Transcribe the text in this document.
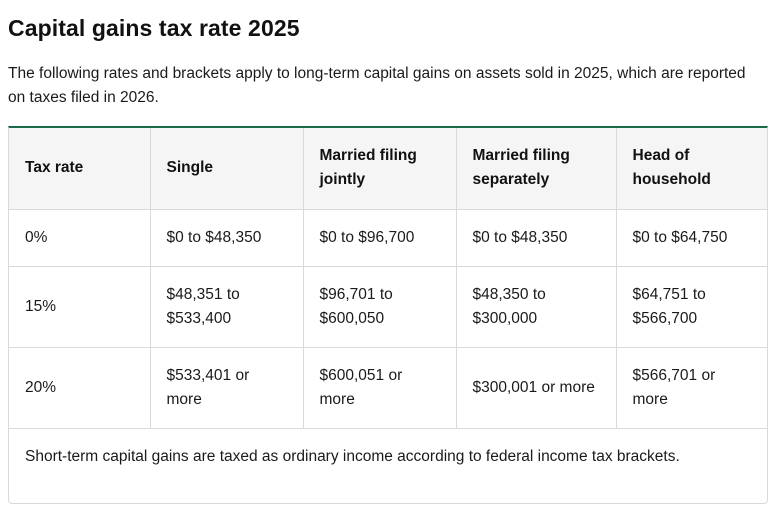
Capital gains tax rate 2025

The following rates and brackets apply to long-term capital gains on assets sold in 2025, which are reported on taxes filed in 2026.

Tax rate	Single	Married filing jointly	Married filing separately	Head of household
0%	$0 to $48,350	$0 to $96,700	$0 to $48,350	$0 to $64,750
15%	$48,351 to $533,400	$96,701 to $600,050	$48,350 to $300,000	$64,751 to $566,700
20%	$533,401 or more	$600,051 or more	$300,001 or more	$566,701 or more

Short-term capital gains are taxed as ordinary income according to federal income tax brackets.
